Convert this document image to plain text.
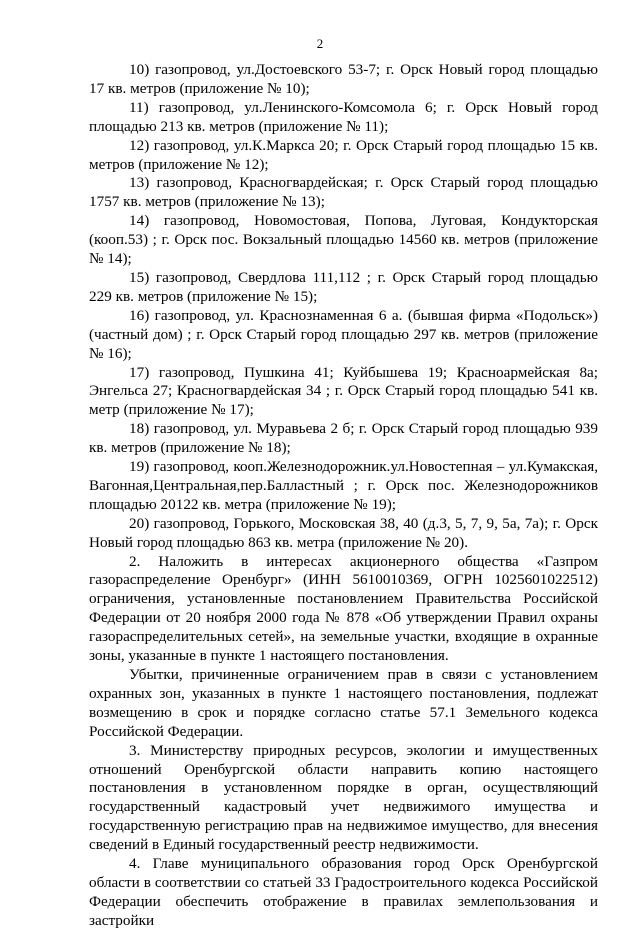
2

10) газопровод, ул.Достоевского 53-7; г. Орск Новый город площадью 17 кв. метров (приложение № 10);

11) газопровод, ул.Ленинского-Комсомола 6; г. Орск Новый город площадью 213 кв. метров (приложение № 11);

12) газопровод, ул.К.Маркса 20; г. Орск Старый город площадью 15 кв. метров (приложение № 12);

13) газопровод, Красногвардейская; г. Орск Старый город площадью 1757 кв. метров (приложение № 13);

14) газопровод, Новомостовая, Попова, Луговая, Кондукторская (кооп.53) ; г. Орск пос. Вокзальный площадью 14560 кв. метров (приложение № 14);

15) газопровод, Свердлова 111,112 ; г. Орск Старый город площадью 229 кв. метров (приложение № 15);

16) газопровод, ул. Краснознаменная 6 а. (бывшая фирма «Подольск») (частный дом) ; г. Орск Старый город площадью 297 кв. метров (приложение № 16);

17) газопровод, Пушкина 41; Куйбышева 19; Красноармейская 8а; Энгельса 27; Красногвардейская 34 ; г. Орск Старый город площадью 541 кв. метр (приложение № 17);

18) газопровод, ул. Муравьева 2 б; г. Орск Старый город площадью 939 кв. метров (приложение № 18);

19) газопровод, кооп.Железнодорожник.ул.Новостепная – ул.Кумакская, Вагонная,Центральная,пер.Балластный ; г. Орск пос. Железнодорожников площадью 20122 кв. метра (приложение № 19);

20) газопровод, Горького, Московская 38, 40 (д.3, 5, 7, 9, 5а, 7а); г. Орск Новый город площадью 863 кв. метра (приложение № 20).

2. Наложить в интересах акционерного общества «Газпром газораспределение Оренбург» (ИНН 5610010369, ОГРН 1025601022512) ограничения, установленные постановлением Правительства Российской Федерации от 20 ноября 2000 года № 878 «Об утверждении Правил охраны газораспределительных сетей», на земельные участки, входящие в охранные зоны, указанные в пункте 1 настоящего постановления.

Убытки, причиненные ограничением прав в связи с установлением охранных зон, указанных в пункте 1 настоящего постановления, подлежат возмещению в срок и порядке согласно статье 57.1 Земельного кодекса Российской Федерации.

3. Министерству природных ресурсов, экологии и имущественных отношений Оренбургской области направить копию настоящего постановления в установленном порядке в орган, осуществляющий государственный кадастровый учет недвижимого имущества и государственную регистрацию прав на недвижимое имущество, для внесения сведений в Единый государственный реестр недвижимости.

4. Главе муниципального образования город Орск Оренбургской области в соответствии со статьей 33 Градостроительного кодекса Российской Федерации обеспечить отображение в правилах землепользования и застройки
